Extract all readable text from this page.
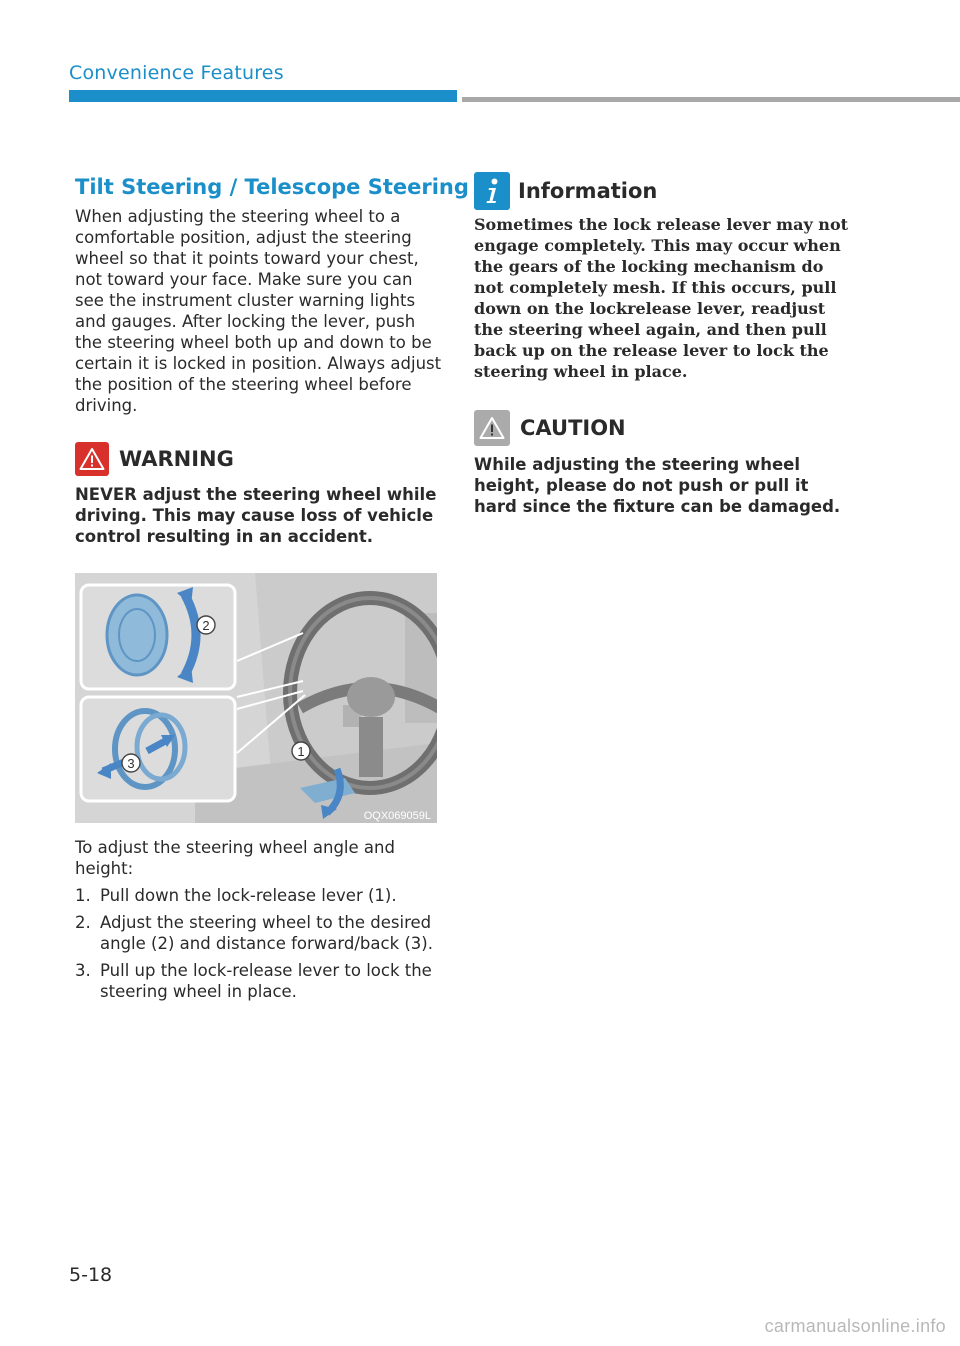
Convenience Features
Tilt Steering / Telescope Steering

When adjusting the steering wheel to a comfortable position, adjust the steering wheel so that it points toward your chest, not toward your face. Make sure you can see the instrument cluster warning lights and gauges. After locking the lever, push the steering wheel both up and down to be certain it is locked in position. Always adjust the position of the steering wheel before driving.

WARNING

NEVER adjust the steering wheel while driving. This may cause loss of vehicle control resulting in an accident.

1
2
3
OQX069059L

To adjust the steering wheel angle and height:

1. Pull down the lock-release lever (1).
2. Adjust the steering wheel to the desired angle (2) and distance forward/back (3).
3. Pull up the lock-release lever to lock the steering wheel in place.
Information

Sometimes the lock release lever may not engage completely. This may occur when the gears of the locking mechanism do not completely mesh. If this occurs, pull down on the lockrelease lever, readjust the steering wheel again, and then pull back up on the release lever to lock the steering wheel in place.

CAUTION

While adjusting the steering wheel height, please do not push or pull it hard since the fixture can be damaged.

5-18
carmanualsonline.info
